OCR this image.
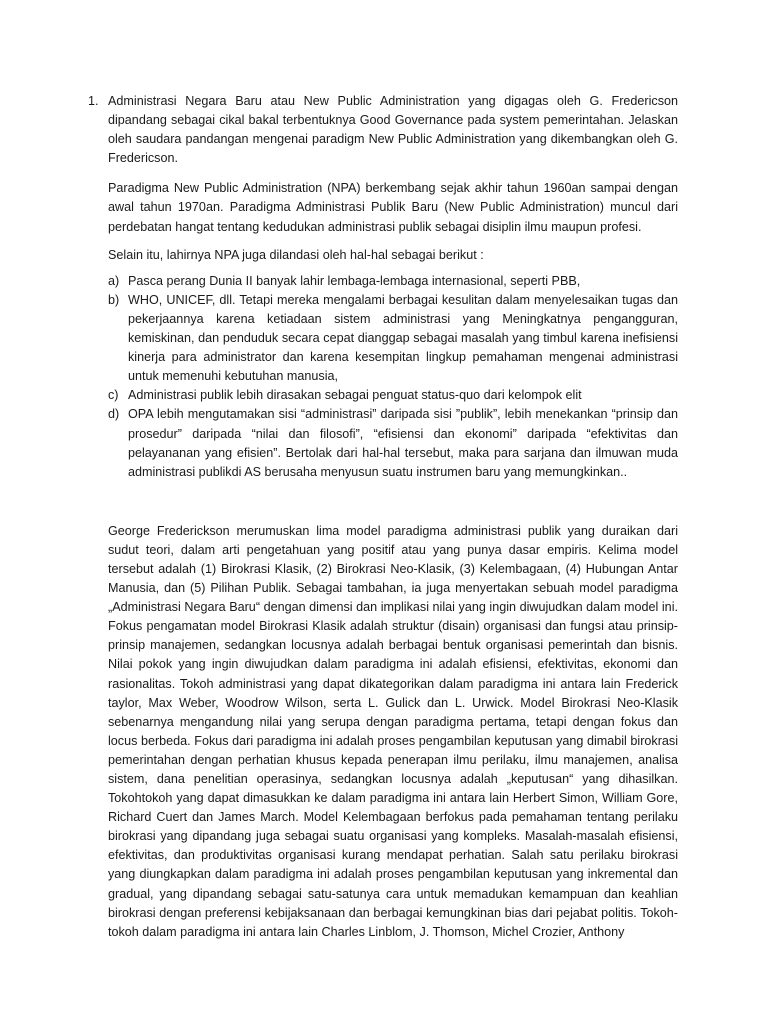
1. Administrasi Negara Baru atau New Public Administration yang digagas oleh G. Fredericson dipandang sebagai cikal bakal terbentuknya Good Governance pada system pemerintahan. Jelaskan oleh saudara pandangan mengenai paradigm New Public Administration yang dikembangkan oleh G. Fredericson.

Paradigma New Public Administration (NPA) berkembang sejak akhir tahun 1960an sampai dengan awal tahun 1970an. Paradigma Administrasi Publik Baru (New Public Administration) muncul dari perdebatan hangat tentang kedudukan administrasi publik sebagai disiplin ilmu maupun profesi.

Selain itu, lahirnya NPA juga dilandasi oleh hal-hal sebagai berikut :

a) Pasca perang Dunia II banyak lahir lembaga-lembaga internasional, seperti PBB,
b) WHO, UNICEF, dll. Tetapi mereka mengalami berbagai kesulitan dalam menyelesaikan tugas dan pekerjaannya karena ketiadaan sistem administrasi yang Meningkatnya pengangguran, kemiskinan, dan penduduk secara cepat dianggap sebagai masalah yang timbul karena inefisiensi kinerja para administrator dan karena kesempitan lingkup pemahaman mengenai administrasi untuk memenuhi kebutuhan manusia,
c) Administrasi publik lebih dirasakan sebagai penguat status-quo dari kelompok elit
d) OPA lebih mengutamakan sisi “administrasi” daripada sisi ”publik”, lebih menekankan “prinsip dan prosedur” daripada “nilai dan filosofi”, “efisiensi dan ekonomi” daripada “efektivitas dan pelayananan yang efisien”. Bertolak dari hal-hal tersebut, maka para sarjana dan ilmuwan muda administrasi publikdi AS berusaha menyusun suatu instrumen baru yang memungkinkan..

George Frederickson merumuskan lima model paradigma administrasi publik yang duraikan dari sudut teori, dalam arti pengetahuan yang positif atau yang punya dasar empiris. Kelima model tersebut adalah (1) Birokrasi Klasik, (2) Birokrasi Neo-Klasik, (3) Kelembagaan, (4) Hubungan Antar Manusia, dan (5) Pilihan Publik. Sebagai tambahan, ia juga menyertakan sebuah model paradigma „Administrasi Negara Baru“ dengan dimensi dan implikasi nilai yang ingin diwujudkan dalam model ini. Fokus pengamatan model Birokrasi Klasik adalah struktur (disain) organisasi dan fungsi atau prinsip-prinsip manajemen, sedangkan locusnya adalah berbagai bentuk organisasi pemerintah dan bisnis. Nilai pokok yang ingin diwujudkan dalam paradigma ini adalah efisiensi, efektivitas, ekonomi dan rasionalitas. Tokoh administrasi yang dapat dikategorikan dalam paradigma ini antara lain Frederick taylor, Max Weber, Woodrow Wilson, serta L. Gulick dan L. Urwick. Model Birokrasi Neo-Klasik sebenarnya mengandung nilai yang serupa dengan paradigma pertama, tetapi dengan fokus dan locus berbeda. Fokus dari paradigma ini adalah proses pengambilan keputusan yang dimabil birokrasi pemerintahan dengan perhatian khusus kepada penerapan ilmu perilaku, ilmu manajemen, analisa sistem, dana penelitian operasinya, sedangkan locusnya adalah „keputusan“ yang dihasilkan. Tokohtokoh yang dapat dimasukkan ke dalam paradigma ini antara lain Herbert Simon, William Gore, Richard Cuert dan James March. Model Kelembagaan berfokus pada pemahaman tentang perilaku birokrasi yang dipandang juga sebagai suatu organisasi yang kompleks. Masalah-masalah efisiensi, efektivitas, dan produktivitas organisasi kurang mendapat perhatian. Salah satu perilaku birokrasi yang diungkapkan dalam paradigma ini adalah proses pengambilan keputusan yang inkremental dan gradual, yang dipandang sebagai satu-satunya cara untuk memadukan kemampuan dan keahlian birokrasi dengan preferensi kebijaksanaan dan berbagai kemungkinan bias dari pejabat politis. Tokoh-tokoh dalam paradigma ini antara lain Charles Linblom, J. Thomson, Michel Crozier, Anthony
